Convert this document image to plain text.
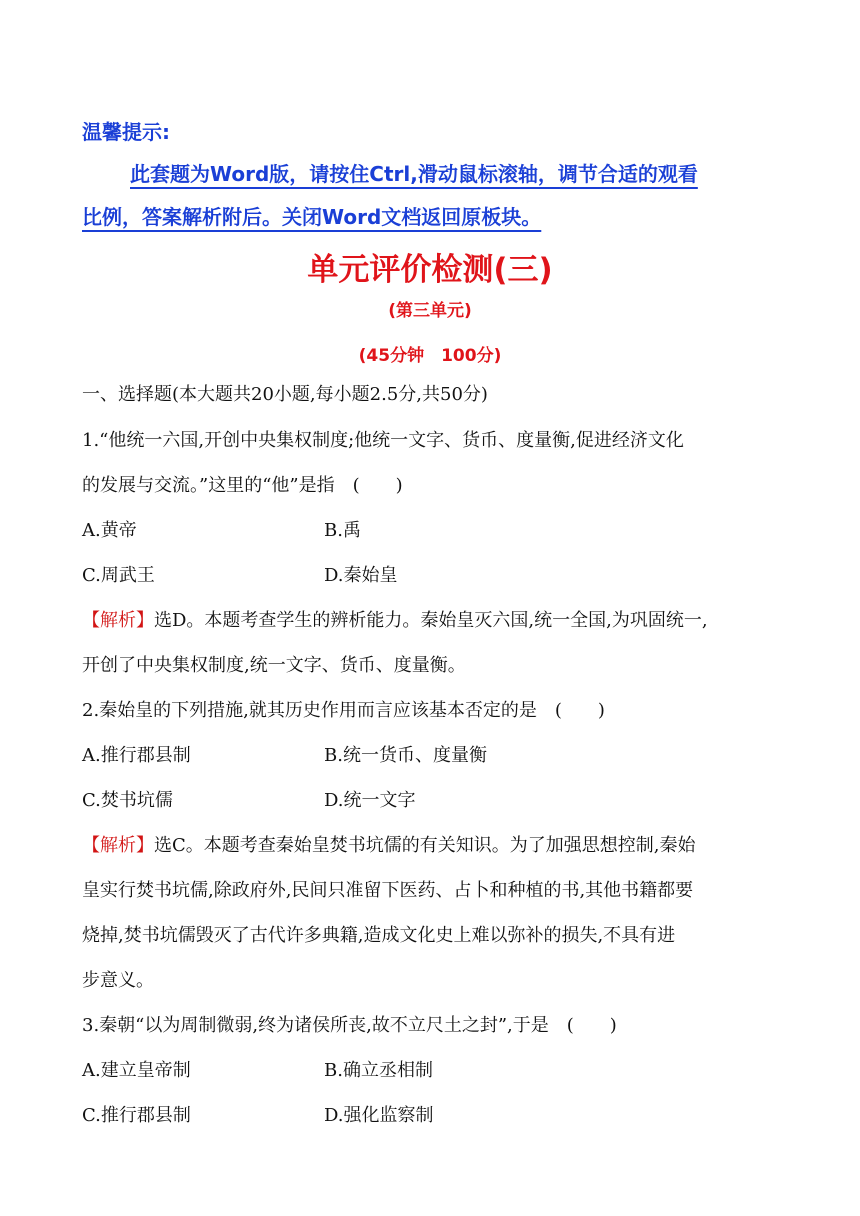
温馨提示:
此套题为Word版，请按住Ctrl,滑动鼠标滚轴，调节合适的观看
比例，答案解析附后。关闭Word文档返回原板块。
单元评价检测(三)
(第三单元)
(45分钟　100分)
一、选择题(本大题共20小题,每小题2.5分,共50分)
1.“他统一六国,开创中央集权制度;他统一文字、货币、度量衡,促进经济文化
的发展与交流。”这里的“他”是指　(　　)
A.黄帝	B.禹
C.周武王	D.秦始皇
【解析】选D。本题考查学生的辨析能力。秦始皇灭六国,统一全国,为巩固统一,
开创了中央集权制度,统一文字、货币、度量衡。
2.秦始皇的下列措施,就其历史作用而言应该基本否定的是　(　　)
A.推行郡县制	B.统一货币、度量衡
C.焚书坑儒	D.统一文字
【解析】选C。本题考查秦始皇焚书坑儒的有关知识。为了加强思想控制,秦始
皇实行焚书坑儒,除政府外,民间只准留下医药、占卜和种植的书,其他书籍都要
烧掉,焚书坑儒毁灭了古代许多典籍,造成文化史上难以弥补的损失,不具有进
步意义。
3.秦朝“以为周制微弱,终为诸侯所丧,故不立尺土之封”,于是　(　　)
A.建立皇帝制	B.确立丞相制
C.推行郡县制	D.强化监察制
